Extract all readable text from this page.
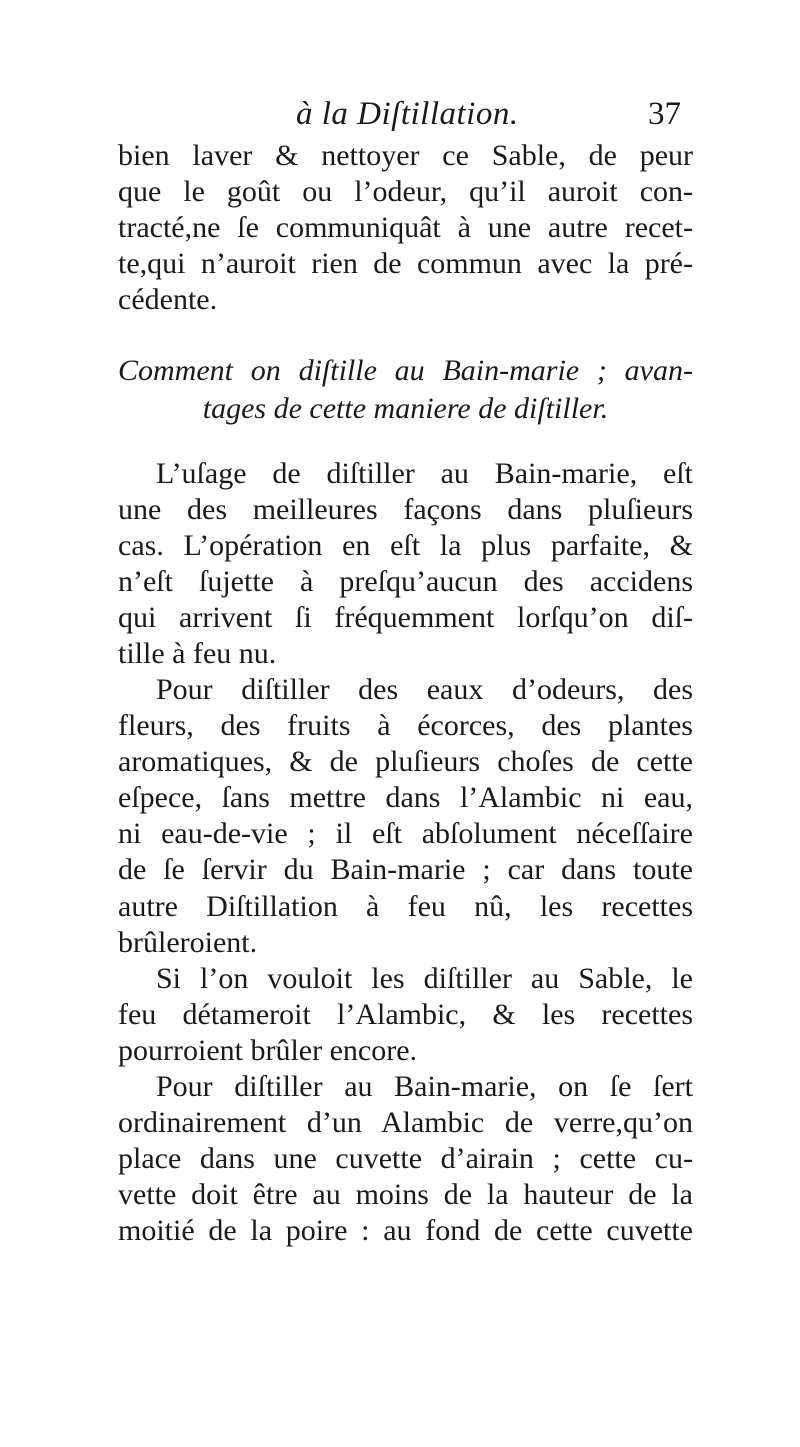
à la Diſtillation.	37
bien laver & nettoyer ce Sable, de peur
que le goût ou l’odeur, qu’il auroit con-
tracté,ne ſe communiquât à une autre recet-
te,qui n’auroit rien de commun avec la pré-
cédente.
Comment on diſtille au Bain-marie ; avan-
tages de cette maniere de diſtiller.
L’uſage de diſtiller au Bain-marie, eſt
une des meilleures façons dans pluſieurs
cas. L’opération en eſt la plus parfaite, &
n’eſt ſujette à preſqu’aucun des accidens
qui arrivent ſi fréquemment lorſqu’on diſ-
tille à feu nu.
Pour diſtiller des eaux d’odeurs, des
fleurs, des fruits à écorces, des plantes
aromatiques, & de pluſieurs choſes de cette
eſpece, ſans mettre dans l’Alambic ni eau,
ni eau-de-vie ; il eſt abſolument néceſſaire
de ſe ſervir du Bain-marie ; car dans toute
autre Diſtillation à feu nû, les recettes
brûleroient.
Si l’on vouloit les diſtiller au Sable, le
feu détameroit l’Alambic, & les recettes
pourroient brûler encore.
Pour diſtiller au Bain-marie, on ſe ſert
ordinairement d’un Alambic de verre,qu’on
place dans une cuvette d’airain ; cette cu-
vette doit être au moins de la hauteur de la
moitié de la poire : au fond de cette cuvette
